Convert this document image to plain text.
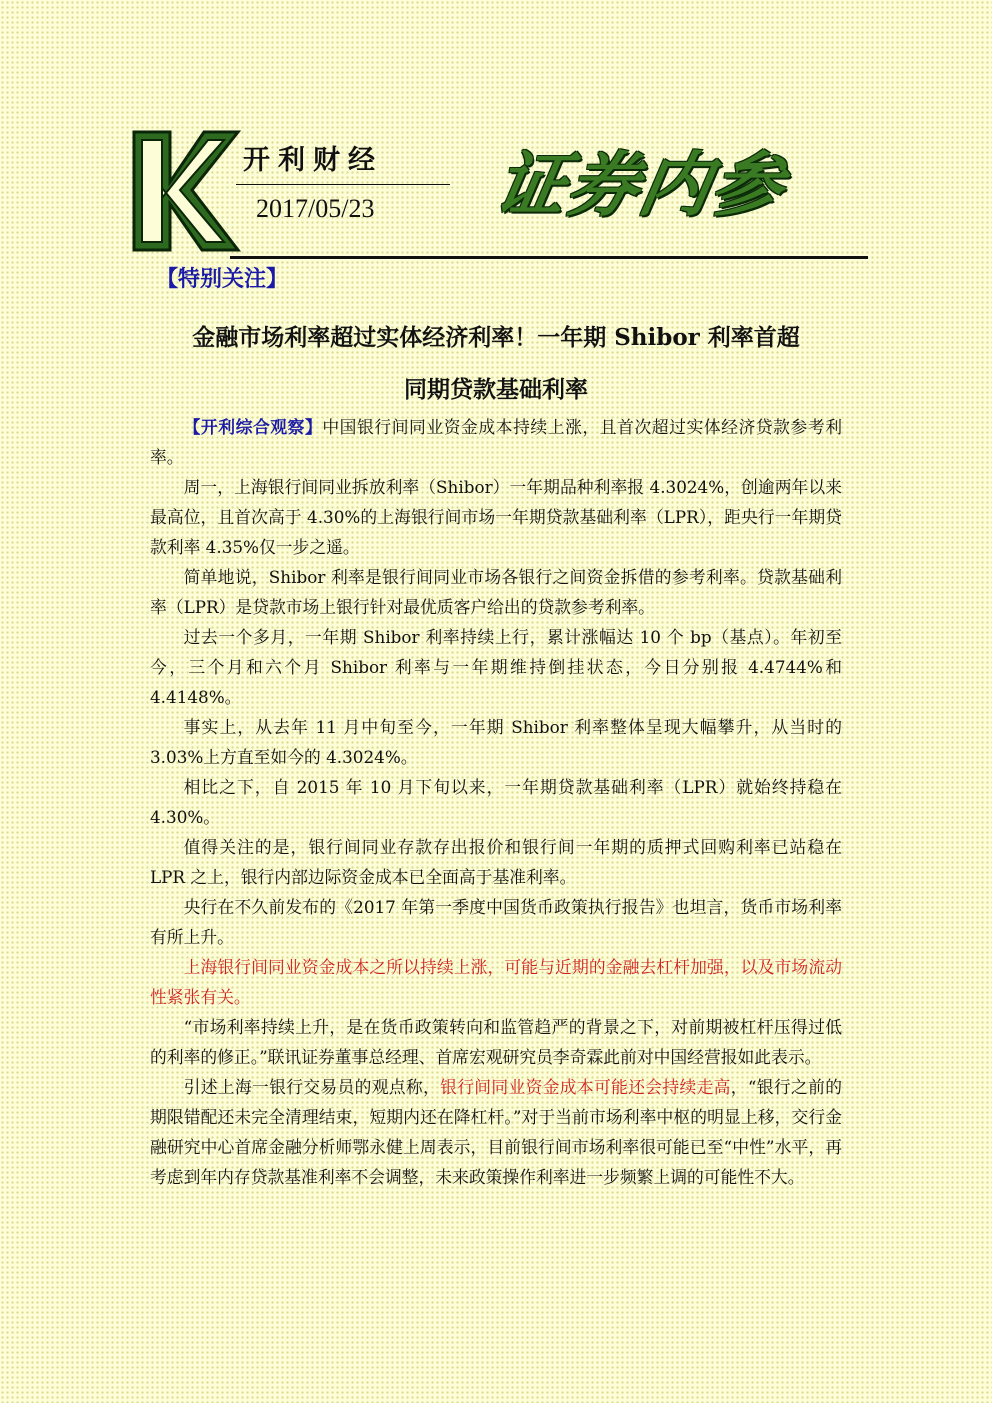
开利财经
2017/05/23 证券内参
【特别关注】
金融市场利率超过实体经济利率！一年期 Shibor 利率首超
同期贷款基础利率

【开利综合观察】中国银行间同业资金成本持续上涨，且首次超过实体经济贷款参考利率。

周一，上海银行间同业拆放利率（Shibor）一年期品种利率报 4.3024%，创逾两年以来最高位，且首次高于 4.30%的上海银行间市场一年期贷款基础利率（LPR），距央行一年期贷款利率 4.35%仅一步之遥。

简单地说，Shibor 利率是银行间同业市场各银行之间资金拆借的参考利率。贷款基础利率（LPR）是贷款市场上银行针对最优质客户给出的贷款参考利率。

过去一个多月，一年期 Shibor 利率持续上行，累计涨幅达 10 个 bp（基点）。年初至今，三个月和六个月 Shibor 利率与一年期维持倒挂状态，今日分别报 4.4744%和 4.4148%。

事实上，从去年 11 月中旬至今，一年期 Shibor 利率整体呈现大幅攀升，从当时的 3.03%上方直至如今的 4.3024%。

相比之下，自 2015 年 10 月下旬以来，一年期贷款基础利率（LPR）就始终持稳在 4.30%。

值得关注的是，银行间同业存款存出报价和银行间一年期的质押式回购利率已站稳在 LPR 之上，银行内部边际资金成本已全面高于基准利率。

央行在不久前发布的《2017 年第一季度中国货币政策执行报告》也坦言，货币市场利率有所上升。

上海银行间同业资金成本之所以持续上涨，可能与近期的金融去杠杆加强，以及市场流动性紧张有关。

“市场利率持续上升，是在货币政策转向和监管趋严的背景之下，对前期被杠杆压得过低的利率的修正。”联讯证券董事总经理、首席宏观研究员李奇霖此前对中国经营报如此表示。

引述上海一银行交易员的观点称，银行间同业资金成本可能还会持续走高，“银行之前的期限错配还未完全清理结束，短期内还在降杠杆。”对于当前市场利率中枢的明显上移，交行金融研究中心首席金融分析师鄂永健上周表示，目前银行间市场利率很可能已至“中性”水平，再考虑到年内存贷款基准利率不会调整，未来政策操作利率进一步频繁上调的可能性不大。
